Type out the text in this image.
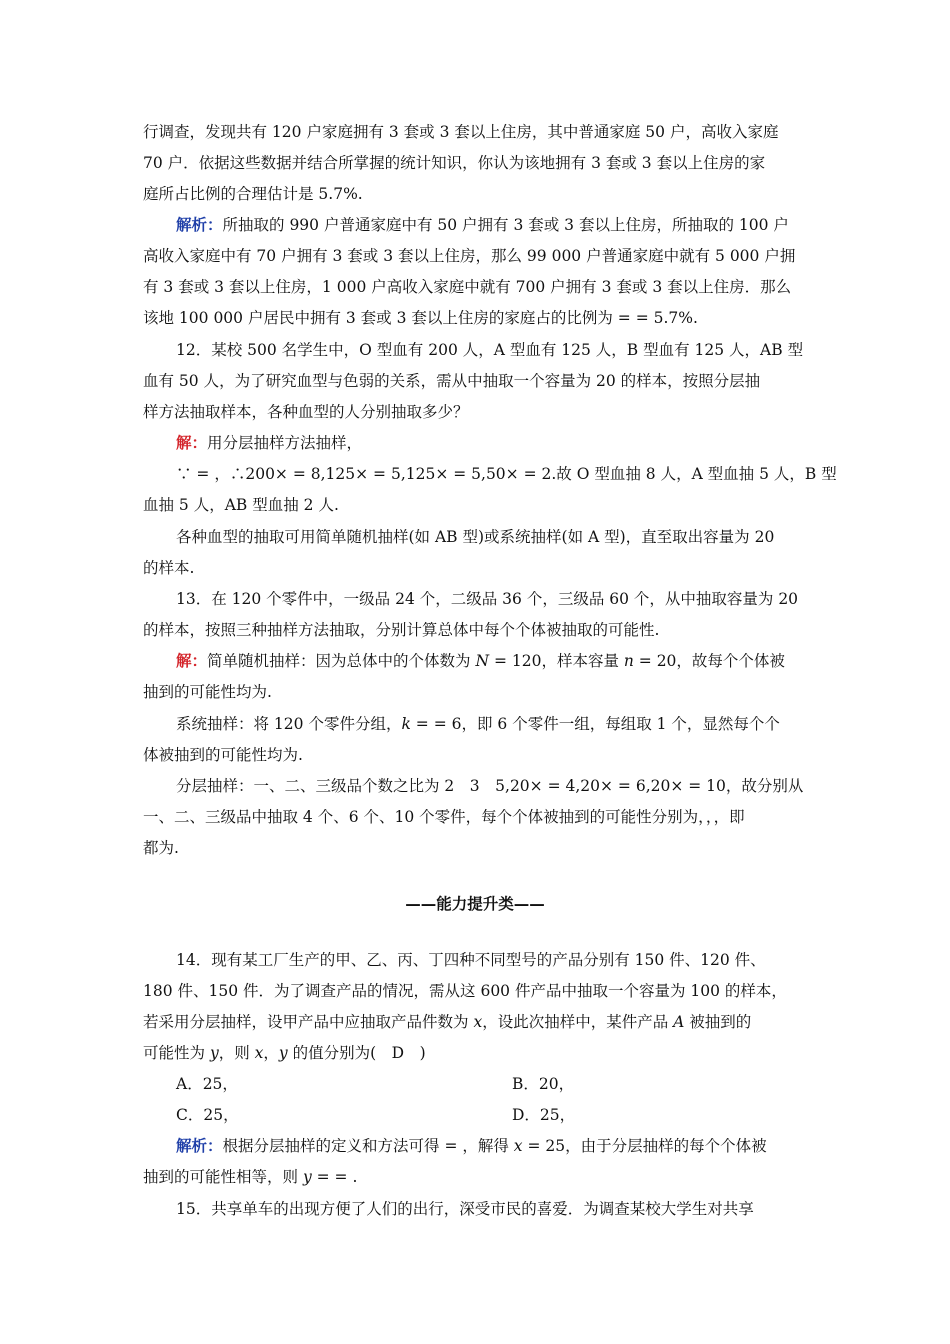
行调查，发现共有 120 户家庭拥有 3 套或 3 套以上住房，其中普通家庭 50 户，高收入家庭
70 户．依据这些数据并结合所掌握的统计知识，你认为该地拥有 3 套或 3 套以上住房的家
庭所占比例的合理估计是 5.7%.
解析：所抽取的 990 户普通家庭中有 50 户拥有 3 套或 3 套以上住房，所抽取的 100 户
高收入家庭中有 70 户拥有 3 套或 3 套以上住房，那么 99 000 户普通家庭中就有 5 000 户拥
有 3 套或 3 套以上住房，1 000 户高收入家庭中就有 700 户拥有 3 套或 3 套以上住房．那么
该地 100 000 户居民中拥有 3 套或 3 套以上住房的家庭占的比例为 = = 5.7%.
12．某校 500 名学生中，O 型血有 200 人，A 型血有 125 人，B 型血有 125 人，AB 型
血有 50 人，为了研究血型与色弱的关系，需从中抽取一个容量为 20 的样本，按照分层抽
样方法抽取样本，各种血型的人分别抽取多少？
解：用分层抽样方法抽样，
∵ = ，∴200× = 8,125× = 5,125× = 5,50× = 2.故 O 型血抽 8 人，A 型血抽 5 人，B 型
血抽 5 人，AB 型血抽 2 人.
各种血型的抽取可用简单随机抽样(如 AB 型)或系统抽样(如 A 型)，直至取出容量为 20
的样本.
13．在 120 个零件中，一级品 24 个，二级品 36 个，三级品 60 个，从中抽取容量为 20
的样本，按照三种抽样方法抽取，分别计算总体中每个个体被抽取的可能性.
解：简单随机抽样：因为总体中的个体数为 N = 120，样本容量 n = 20，故每个个体被
抽到的可能性均为.
系统抽样：将 120 个零件分组，k = = 6，即 6 个零件一组，每组取 1 个，显然每个个
体被抽到的可能性均为.
分层抽样：一、二、三级品个数之比为 2　3　5,20× = 4,20× = 6,20× = 10，故分别从
一、二、三级品中抽取 4 个、6 个、10 个零件，每个个体被抽到的可能性分别为，，，即
都为.
——能力提升类——
14．现有某工厂生产的甲、乙、丙、丁四种不同型号的产品分别有 150 件、120 件、
180 件、150 件．为了调查产品的情况，需从这 600 件产品中抽取一个容量为 100 的样本，
若采用分层抽样，设甲产品中应抽取产品件数为 x，设此次抽样中，某件产品 A 被抽到的
可能性为 y，则 x，y 的值分别为(　D　)
A．25，	B．20，
C．25，	D．25，
解析：根据分层抽样的定义和方法可得 = ，解得 x = 25，由于分层抽样的每个个体被
抽到的可能性相等，则 y = = .
15．共享单车的出现方便了人们的出行，深受市民的喜爱．为调查某校大学生对共享
